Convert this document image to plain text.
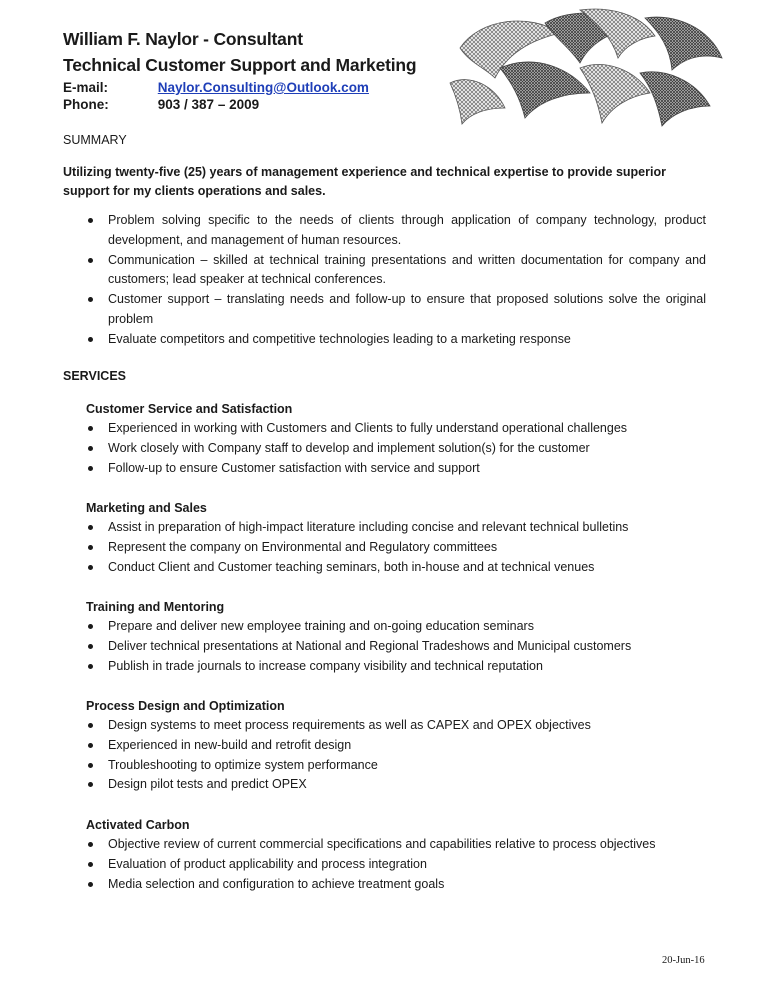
William F. Naylor - Consultant
Technical Customer Support and Marketing
E-mail:	Naylor.Consulting@Outlook.com
Phone:	903 / 387 – 2009
SUMMARY
Utilizing twenty-five (25) years of management experience and technical expertise to provide superior support for my clients operations and sales.
Problem solving specific to the needs of clients through application of company technology, product development, and management of human resources.
Communication – skilled at technical training presentations and written documentation for company and customers; lead speaker at technical conferences.
Customer support – translating needs and follow-up to ensure that proposed solutions solve the original problem
Evaluate competitors and competitive technologies leading to a marketing response
SERVICES
Customer Service and Satisfaction
Experienced in working with Customers and Clients to fully understand operational challenges
Work closely with Company staff to develop and implement solution(s) for the customer
Follow-up to ensure Customer satisfaction with service and support
Marketing and Sales
Assist in preparation of high-impact literature including concise and relevant technical bulletins
Represent the company on Environmental and Regulatory committees
Conduct Client and Customer teaching seminars, both in-house and at technical venues
Training and Mentoring
Prepare and deliver new employee training and on-going education seminars
Deliver technical presentations at National and Regional Tradeshows and Municipal customers
Publish in trade journals to increase company visibility and technical reputation
Process Design and Optimization
Design systems to meet process requirements as well as CAPEX and OPEX objectives
Experienced in new-build and retrofit design
Troubleshooting to optimize system performance
Design pilot tests and predict OPEX
Activated Carbon
Objective review of current commercial specifications and capabilities relative to process objectives
Evaluation of product applicability and process integration
Media selection and configuration to achieve treatment goals
20-Jun-16
